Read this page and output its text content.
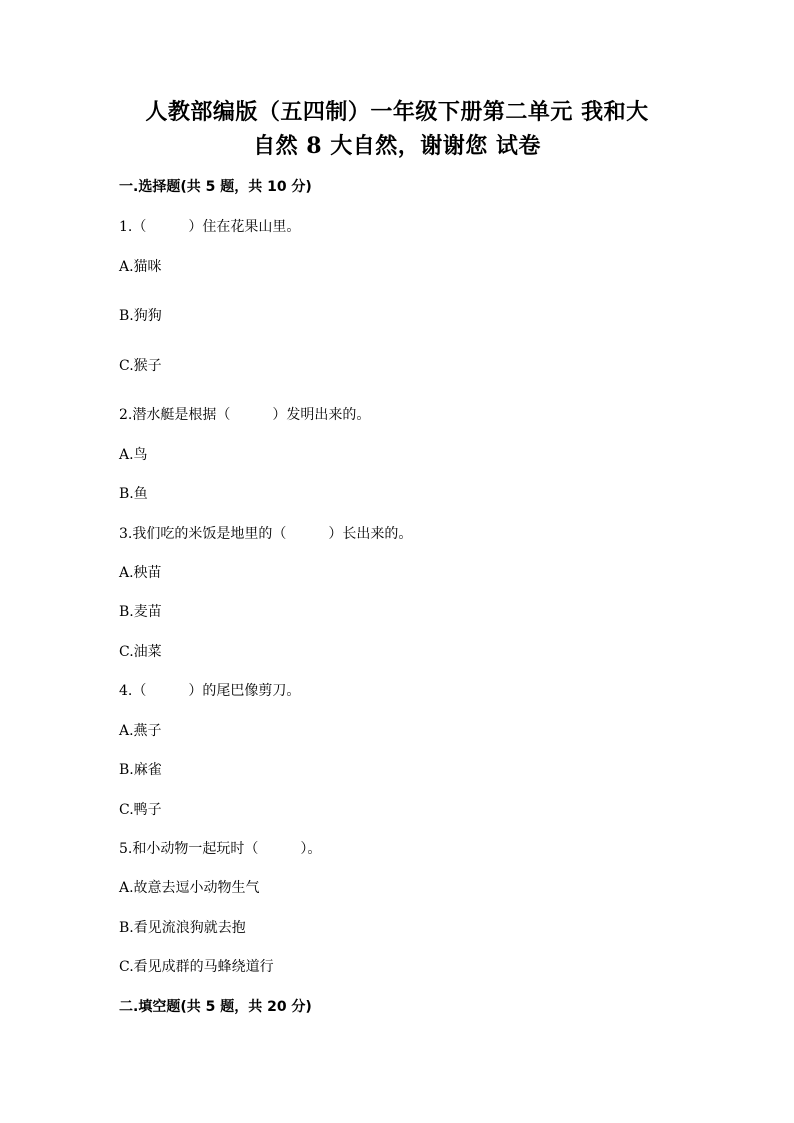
人教部编版（五四制）一年级下册第二单元 我和大
自然 8 大自然，谢谢您 试卷
一.选择题(共 5 题，共 10 分)
1.（　　　）住在花果山里。
A.猫咪
B.狗狗
C.猴子
2.潜水艇是根据（　　　）发明出来的。
A.鸟
B.鱼
3.我们吃的米饭是地里的（　　　）长出来的。
A.秧苗
B.麦苗
C.油菜
4.（　　　）的尾巴像剪刀。
A.燕子
B.麻雀
C.鸭子
5.和小动物一起玩时（　　　）。
A.故意去逗小动物生气
B.看见流浪狗就去抱
C.看见成群的马蜂绕道行
二.填空题(共 5 题，共 20 分)
